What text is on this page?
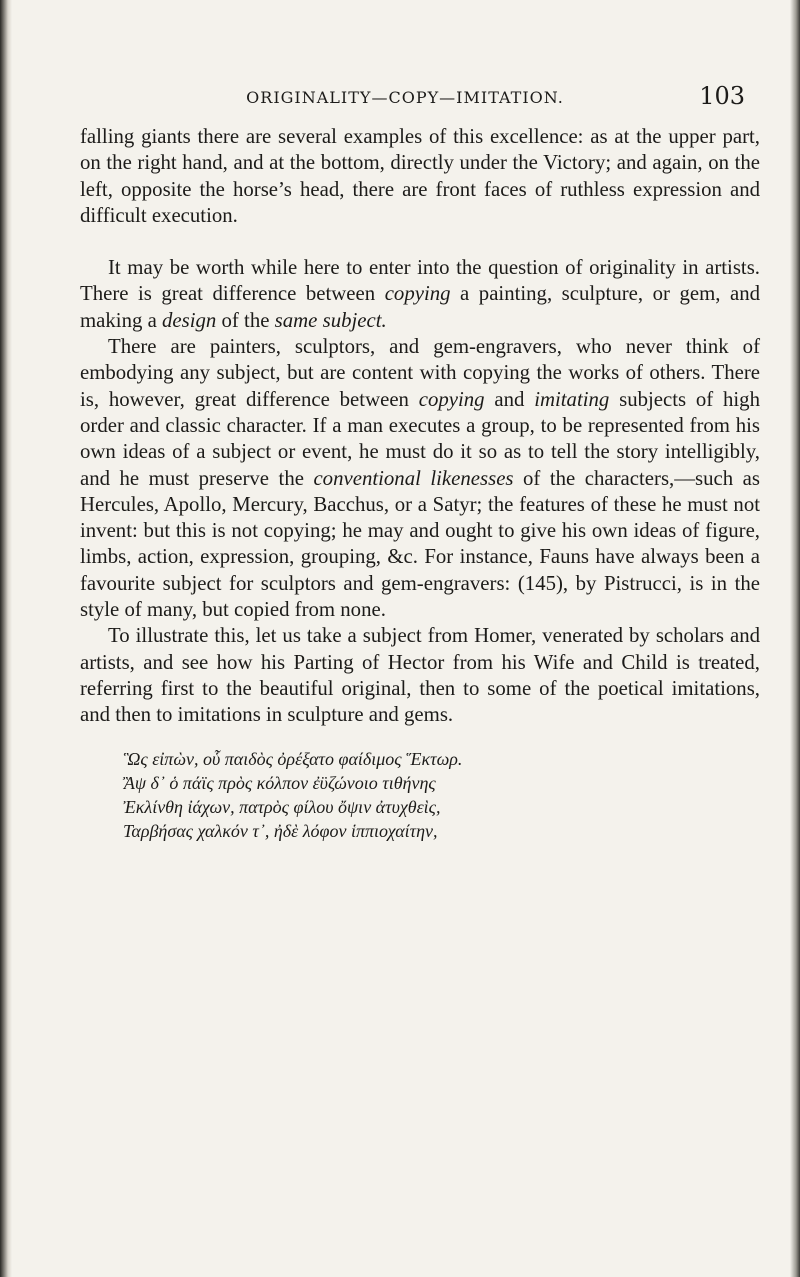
ORIGINALITY—COPY—IMITATION.	103

falling giants there are several examples of this excellence: as at the upper part, on the right hand, and at the bottom, directly under the Victory; and again, on the left, opposite the horse’s head, there are front faces of ruthless expression and difficult execution.

It may be worth while here to enter into the question of originality in artists. There is great difference between copying a painting, sculpture, or gem, and making a design of the same subject.

There are painters, sculptors, and gem-engravers, who never think of embodying any subject, but are content with copying the works of others. There is, however, great difference between copying and imitating subjects of high order and classic character. If a man executes a group, to be represented from his own ideas of a subject or event, he must do it so as to tell the story intelligibly, and he must preserve the conventional likenesses of the characters,—such as Hercules, Apollo, Mercury, Bacchus, or a Satyr; the features of these he must not invent: but this is not copying; he may and ought to give his own ideas of figure, limbs, action, expression, grouping, &c. For instance, Fauns have always been a favourite subject for sculptors and gem-engravers: (145), by Pistrucci, is in the style of many, but copied from none.

To illustrate this, let us take a subject from Homer, venerated by scholars and artists, and see how his Parting of Hector from his Wife and Child is treated, referring first to the beautiful original, then to some of the poetical imitations, and then to imitations in sculpture and gems.

Ὣς εἰπὼν, οὗ παιδὸς ὀρέξατο φαίδιμος Ἕκτωρ.
Ἂψ δ᾽ ὁ πάϊς πρὸς κόλπον ἐϋζώνοιο τιθήνης
Ἐκλίνθη ἰάχων, πατρὸς φίλου ὄψιν ἀτυχθεὶς,
Ταρβήσας χαλκόν τ᾽, ἠδὲ λόφον ἱππιοχαίτην,
